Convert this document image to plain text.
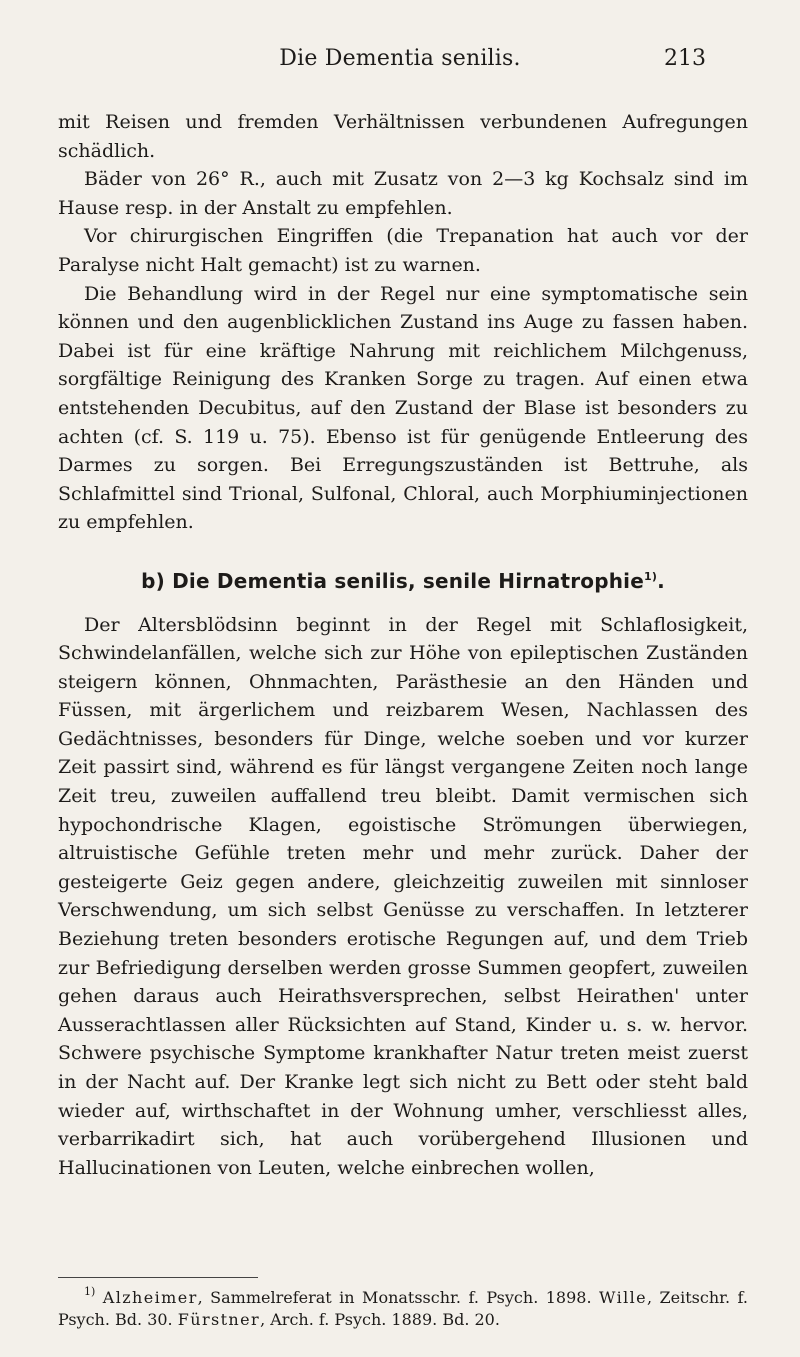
Die Dementia senilis.	213

mit Reisen und fremden Verhältnissen verbundenen Aufregungen schädlich.

Bäder von 26° R., auch mit Zusatz von 2—3 kg Kochsalz sind im Hause resp. in der Anstalt zu empfehlen.

Vor chirurgischen Eingriffen (die Trepanation hat auch vor der Paralyse nicht Halt gemacht) ist zu warnen.

Die Behandlung wird in der Regel nur eine symptomatische sein können und den augenblicklichen Zustand ins Auge zu fassen haben. Dabei ist für eine kräftige Nahrung mit reichlichem Milchgenuss, sorgfältige Reinigung des Kranken Sorge zu tragen. Auf einen etwa entstehenden Decubitus, auf den Zustand der Blase ist besonders zu achten (cf. S. 119 u. 75). Ebenso ist für genügende Entleerung des Darmes zu sorgen. Bei Erregungszuständen ist Bettruhe, als Schlafmittel sind Trional, Sulfonal, Chloral, auch Morphiuminjectionen zu empfehlen.

b) Die Dementia senilis, senile Hirnatrophie$^{1)}$.

Der Altersblödsinn beginnt in der Regel mit Schlaflosigkeit, Schwindelanfällen, welche sich zur Höhe von epileptischen Zuständen steigern können, Ohnmachten, Parästhesie an den Händen und Füssen, mit ärgerlichem und reizbarem Wesen, Nachlassen des Gedächtnisses, besonders für Dinge, welche soeben und vor kurzer Zeit passirt sind, während es für längst vergangene Zeiten noch lange Zeit treu, zuweilen auffallend treu bleibt. Damit vermischen sich hypochondrische Klagen, egoistische Strömungen überwiegen, altruistische Gefühle treten mehr und mehr zurück. Daher der gesteigerte Geiz gegen andere, gleichzeitig zuweilen mit sinnloser Verschwendung, um sich selbst Genüsse zu verschaffen. In letzterer Beziehung treten besonders erotische Regungen auf, und dem Trieb zur Befriedigung derselben werden grosse Summen geopfert, zuweilen gehen daraus auch Heirathsversprechen, selbst Heirathen' unter Ausserachtlassen aller Rücksichten auf Stand, Kinder u. s. w. hervor. Schwere psychische Symptome krankhafter Natur treten meist zuerst in der Nacht auf. Der Kranke legt sich nicht zu Bett oder steht bald wieder auf, wirthschaftet in der Wohnung umher, verschliesst alles, verbarrikadirt sich, hat auch vorübergehend Illusionen und Hallucinationen von Leuten, welche einbrechen wollen,

$^{1)}$ Alzheimer, Sammelreferat in Monatsschr. f. Psych. 1898. Wille, Zeitschr. f. Psych. Bd. 30. Fürstner, Arch. f. Psych. 1889. Bd. 20.
